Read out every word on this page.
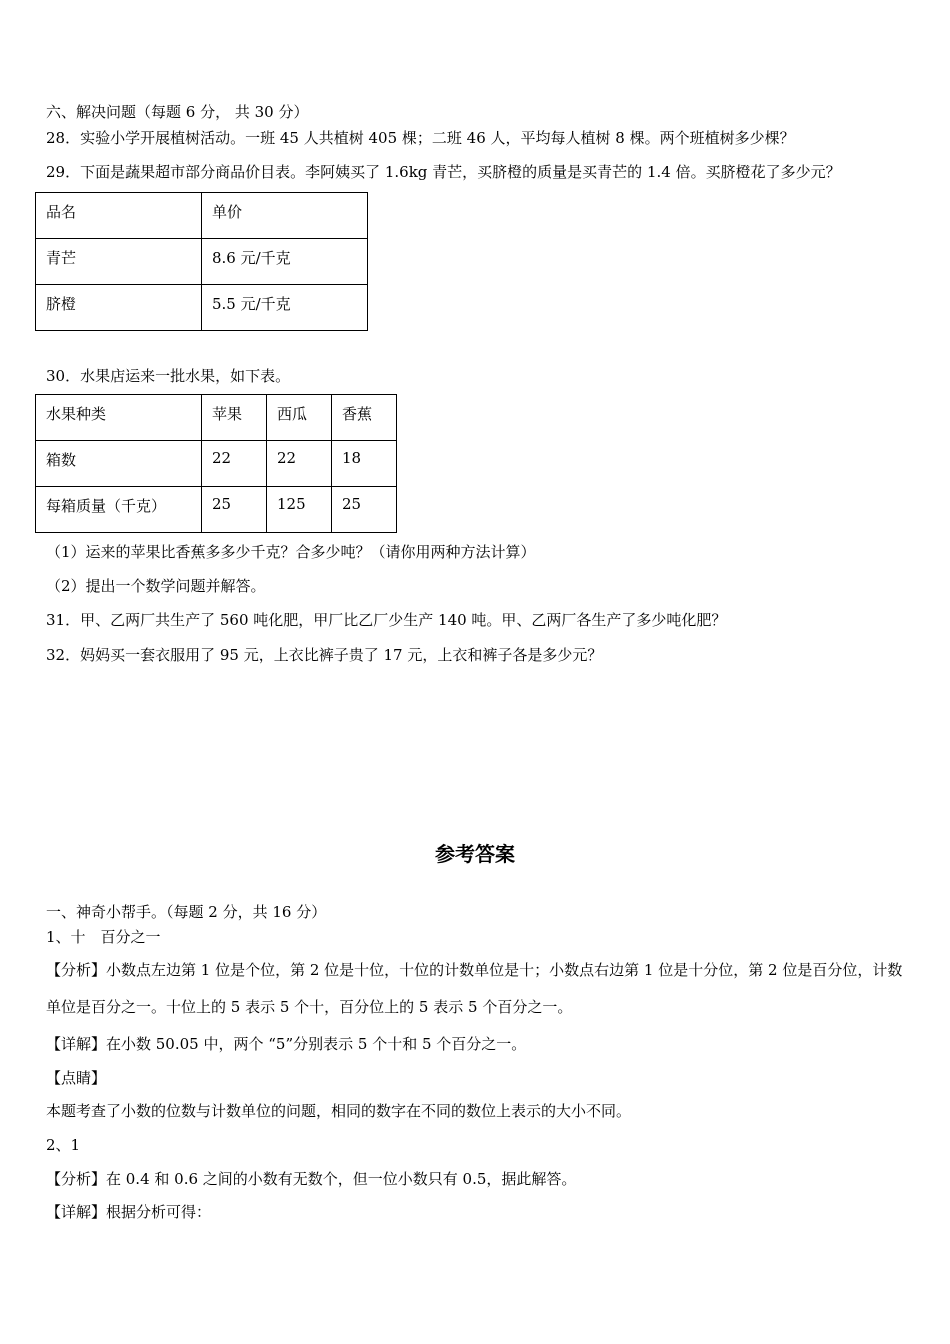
六、解决问题（每题 6 分， 共 30 分）
28．实验小学开展植树活动。一班 45 人共植树 405 棵；二班 46 人，平均每人植树 8 棵。两个班植树多少棵？
29．下面是蔬果超市部分商品价目表。李阿姨买了 1.6kg 青芒，买脐橙的质量是买青芒的 1.4 倍。买脐橙花了多少元？
品名	单价
青芒	8.6 元/千克
脐橙	5.5 元/千克
30．水果店运来一批水果，如下表。
水果种类	苹果	西瓜	香蕉
箱数	22	22	18
每箱质量（千克）	25	125	25
（1）运来的苹果比香蕉多多少千克？合多少吨？（请你用两种方法计算）
（2）提出一个数学问题并解答。
31．甲、乙两厂共生产了 560 吨化肥，甲厂比乙厂少生产 140 吨。甲、乙两厂各生产了多少吨化肥？
32．妈妈买一套衣服用了 95 元，上衣比裤子贵了 17 元，上衣和裤子各是多少元？
参考答案
一、神奇小帮手。（每题 2 分，共 16 分）
1、十　百分之一
【分析】小数点左边第 1 位是个位，第 2 位是十位，十位的计数单位是十；小数点右边第 1 位是十分位，第 2 位是百分位，计数单位是百分之一。十位上的 5 表示 5 个十，百分位上的 5 表示 5 个百分之一。
【详解】在小数 50.05 中，两个 “5”分别表示 5 个十和 5 个百分之一。
【点睛】
本题考查了小数的位数与计数单位的问题，相同的数字在不同的数位上表示的大小不同。
2、1
【分析】在 0.4 和 0.6 之间的小数有无数个，但一位小数只有 0.5，据此解答。
【详解】根据分析可得：
